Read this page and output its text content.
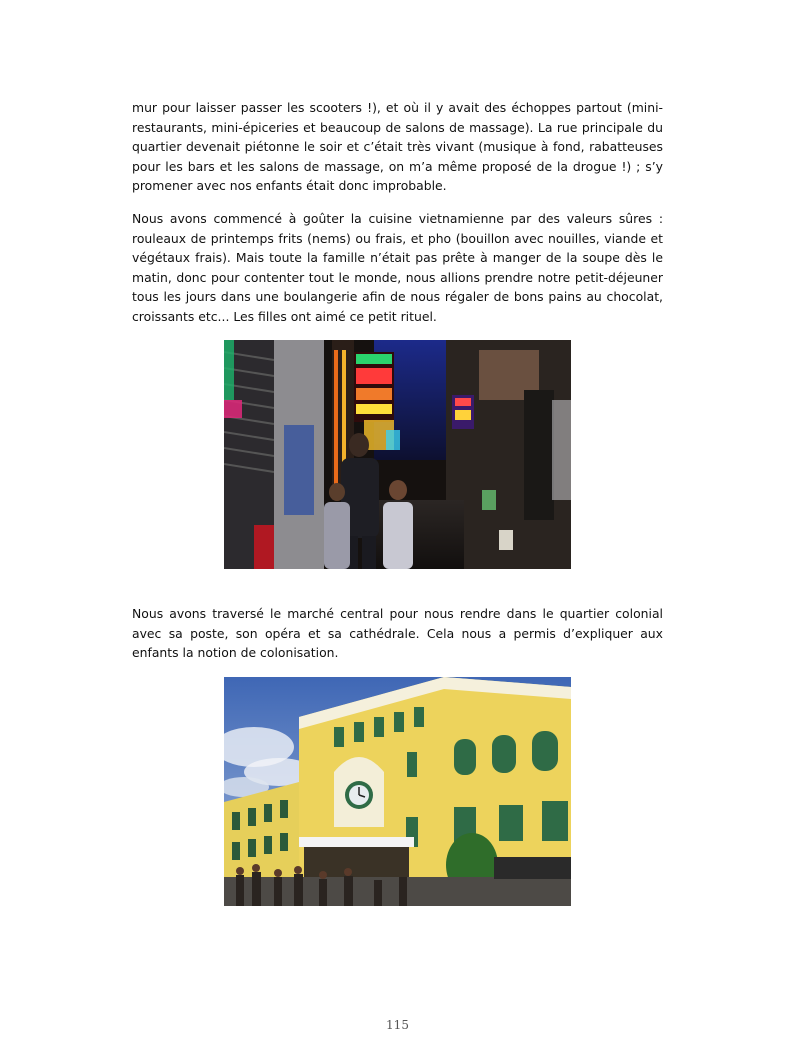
mur pour laisser passer les scooters !), et où il y avait des échoppes partout (mini-restaurants, mini-épiceries et beaucoup de salons de massage). La rue principale du quartier devenait piétonne le soir et c’était très vivant (musique à fond, rabatteuses pour les bars et les salons de massage, on m’a même proposé de la drogue !) ; s’y promener avec nos enfants était donc improbable.

Nous avons commencé à goûter la cuisine vietnamienne par des valeurs sûres : rouleaux de printemps frits (nems) ou frais, et pho (bouillon avec nouilles, viande et végétaux frais). Mais toute la famille n’était pas prête à manger de la soupe dès le matin, donc pour contenter tout le monde, nous allions prendre notre petit-déjeuner tous les jours dans une boulangerie afin de nous régaler de bons pains au chocolat, croissants etc... Les filles ont aimé ce petit rituel.

Nous avons traversé le marché central pour nous rendre dans le quartier colonial avec sa poste, son opéra et sa cathédrale. Cela nous a permis d’expliquer aux enfants la notion de colonisation.

115
